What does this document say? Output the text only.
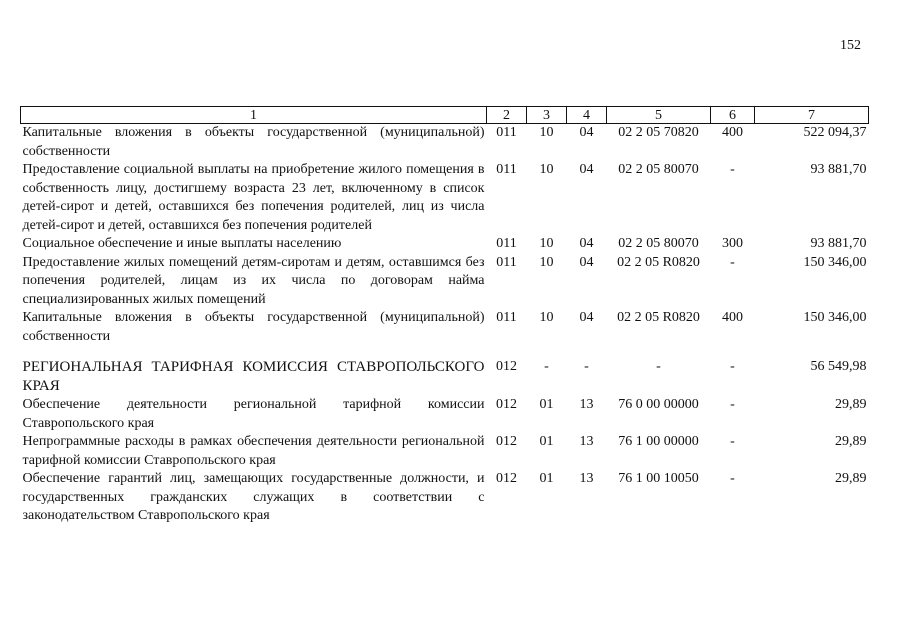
152
1	2	3	4	5	6	7
Капитальные вложения в объекты государственной (муниципальной) собственности	011	10	04	02 2 05 70820	400	522 094,37
Предоставление социальной выплаты на приобретение жилого помещения в собственность лицу, достигшему возраста 23 лет, включенному в список детей-сирот и детей, оставшихся без попечения родителей, лиц из числа детей-сирот и детей, оставшихся без попечения родителей	011	10	04	02 2 05 80070	-	93 881,70
Социальное обеспечение и иные выплаты населению	011	10	04	02 2 05 80070	300	93 881,70
Предоставление жилых помещений детям-сиротам и детям, оставшимся без попечения родителей, лицам из их числа по договорам найма специализированных жилых помещений	011	10	04	02 2 05 R0820	-	150 346,00
Капитальные вложения в объекты государственной (муниципальной) собственности	011	10	04	02 2 05 R0820	400	150 346,00

РЕГИОНАЛЬНАЯ ТАРИФНАЯ КОМИССИЯ СТАВРОПОЛЬСКОГО КРАЯ	012	-	-	-	-	56 549,98
Обеспечение деятельности региональной тарифной комиссии Ставропольского края	012	01	13	76 0 00 00000	-	29,89
Непрограммные расходы в рамках обеспечения деятельности региональной тарифной комиссии Ставропольского края	012	01	13	76 1 00 00000	-	29,89
Обеспечение гарантий лиц, замещающих государственные должности, и государственных гражданских служащих в соответствии с законодательством Ставропольского края	012	01	13	76 1 00 10050	-	29,89
